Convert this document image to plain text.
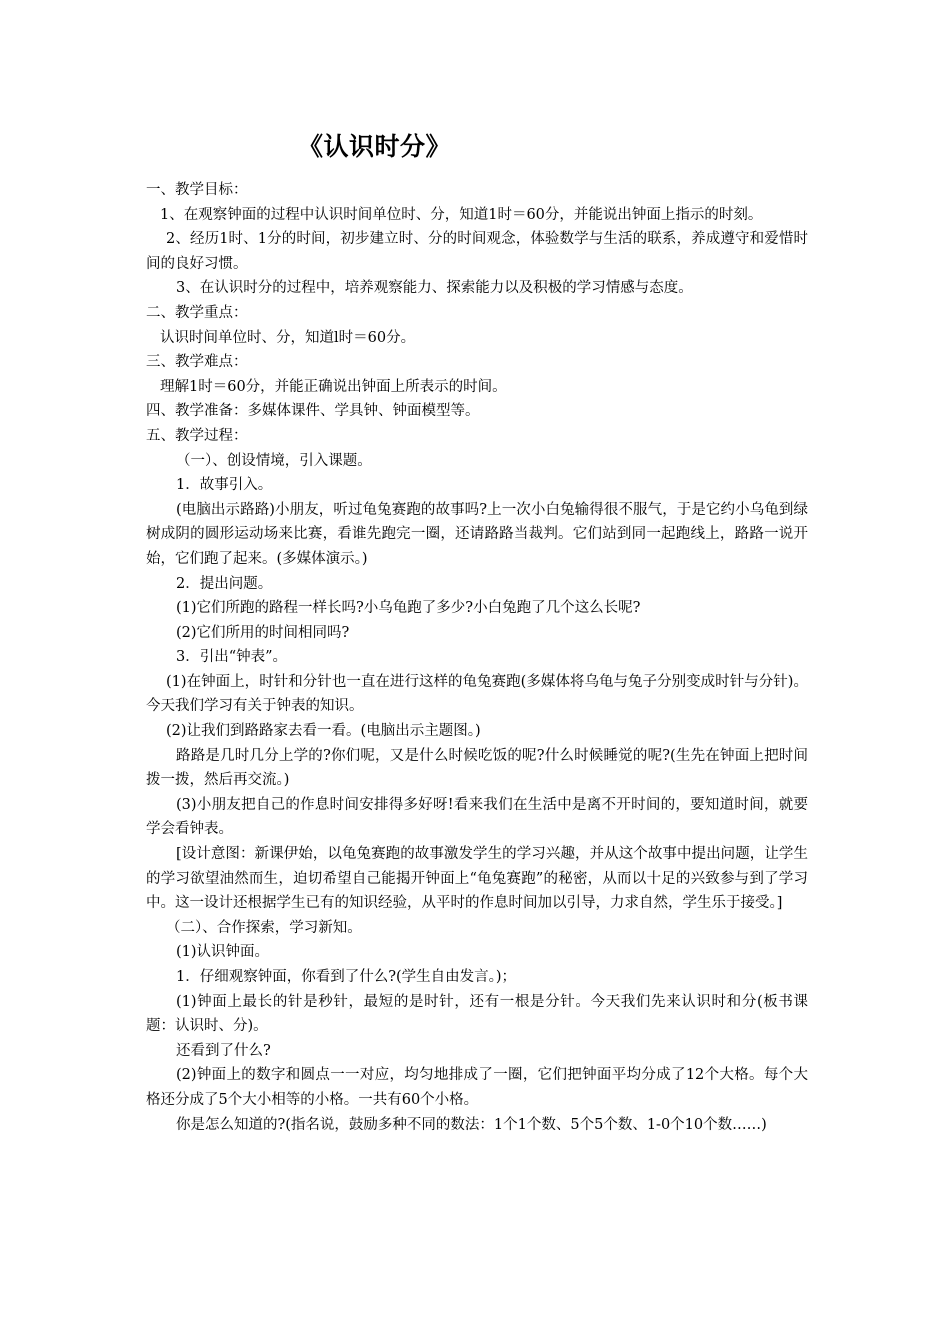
《认识时分》

一、教学目标：

1、在观察钟面的过程中认识时间单位时、分，知道1时＝60分，并能说出钟面上指示的时刻。

2、经历1时、1分的时间，初步建立时、分的时间观念，体验数学与生活的联系，养成遵守和爱惜时间的良好习惯。

3、在认识时分的过程中，培养观察能力、探索能力以及积极的学习情感与态度。

二、教学重点：

认识时间单位时、分，知道l时＝60分。

三、教学难点：

理解1时＝60分，并能正确说出钟面上所表示的时间。

四、教学准备：多媒体课件、学具钟、钟面模型等。

五、教学过程：

（一）、创设情境，引入课题。

1．故事引入。

(电脑出示路路)小朋友，听过龟兔赛跑的故事吗?上一次小白兔输得很不服气，于是它约小乌龟到绿树成阴的圆形运动场来比赛，看谁先跑完一圈，还请路路当裁判。它们站到同一起跑线上，路路一说开始，它们跑了起来。(多媒体演示。)

2．提出问题。

(1)它们所跑的路程一样长吗?小乌龟跑了多少?小白兔跑了几个这么长呢?

(2)它们所用的时间相同吗?

3．引出“钟表”。

(1)在钟面上，时针和分针也一直在进行这样的龟兔赛跑(多媒体将乌龟与兔子分别变成时针与分针)。今天我们学习有关于钟表的知识。

(2)让我们到路路家去看一看。(电脑出示主题图。)

路路是几时几分上学的?你们呢，又是什么时候吃饭的呢?什么时候睡觉的呢?(生先在钟面上把时间拨一拨，然后再交流。)

(3)小朋友把自己的作息时间安排得多好呀!看来我们在生活中是离不开时间的，要知道时间，就要学会看钟表。

[设计意图：新课伊始，以龟兔赛跑的故事激发学生的学习兴趣，并从这个故事中提出问题，让学生的学习欲望油然而生，迫切希望自己能揭开钟面上“龟兔赛跑”的秘密，从而以十足的兴致参与到了学习中。这一设计还根据学生已有的知识经验，从平时的作息时间加以引导，力求自然，学生乐于接受。]

（二）、合作探索，学习新知。

(1)认识钟面。

1．仔细观察钟面，你看到了什么?(学生自由发言。)；

(1)钟面上最长的针是秒针，最短的是时针，还有一根是分针。今天我们先来认识时和分(板书课题：认识时、分)。

还看到了什么?

(2)钟面上的数字和圆点一一对应，均匀地排成了一圈，它们把钟面平均分成了12个大格。每个大格还分成了5个大小相等的小格。一共有60个小格。

你是怎么知道的?(指名说，鼓励多种不同的数法：1个1个数、5个5个数、1-0个10个数……)
